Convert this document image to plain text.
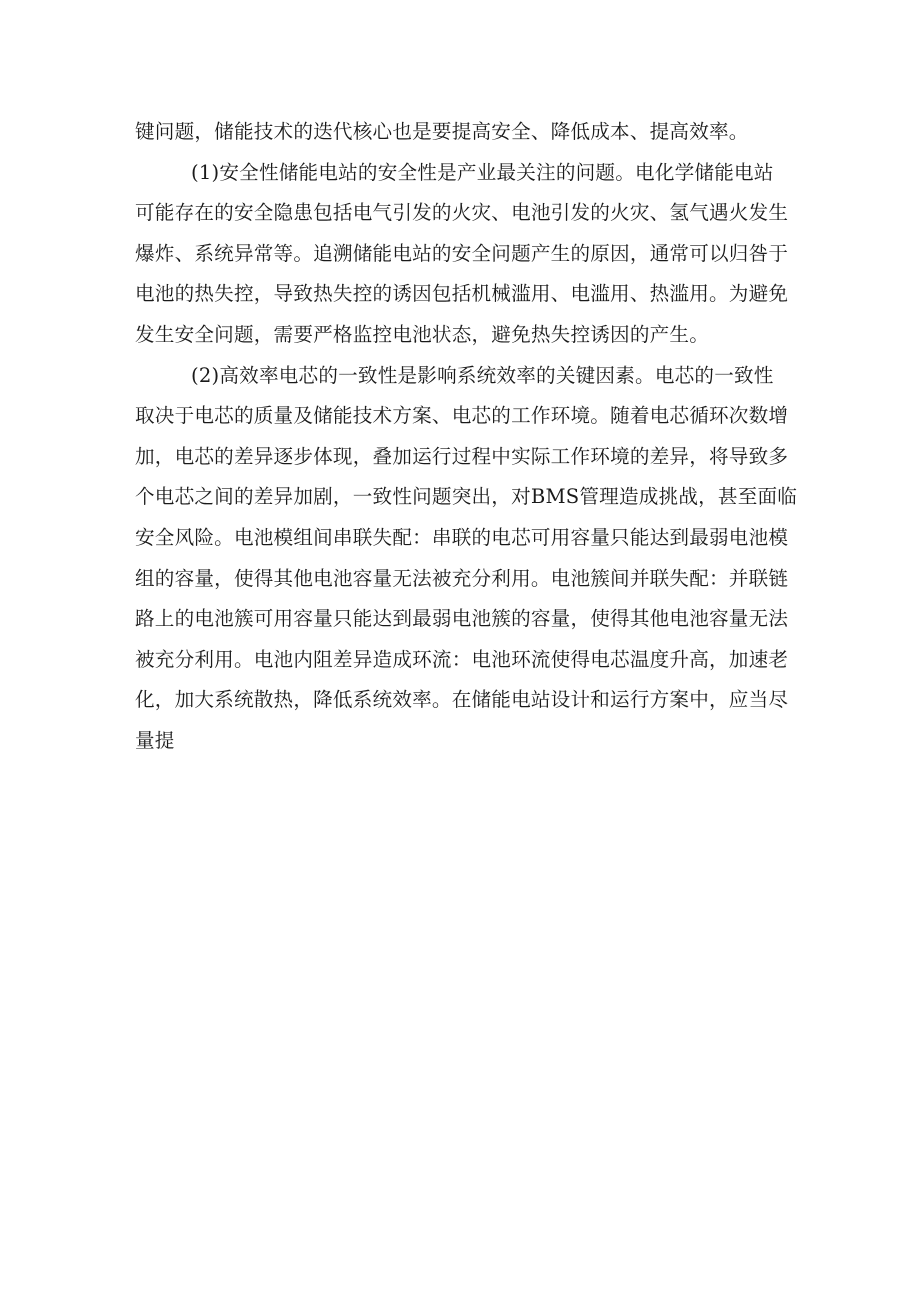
键问题，储能技术的迭代核心也是要提高安全、降低成本、提高效率。
(1)安全性储能电站的安全性是产业最关注的问题。电化学储能电站
可能存在的安全隐患包括电气引发的火灾、电池引发的火灾、氢气遇火发生
爆炸、系统异常等。追溯储能电站的安全问题产生的原因，通常可以归咎于
电池的热失控，导致热失控的诱因包括机械滥用、电滥用、热滥用。为避免
发生安全问题，需要严格监控电池状态，避免热失控诱因的产生。
(2)高效率电芯的一致性是影响系统效率的关键因素。电芯的一致性
取决于电芯的质量及储能技术方案、电芯的工作环境。随着电芯循环次数增
加，电芯的差异逐步体现，叠加运行过程中实际工作环境的差异，将导致多
个电芯之间的差异加剧，一致性问题突出，对BMS管理造成挑战，甚至面临
安全风险。电池模组间串联失配：串联的电芯可用容量只能达到最弱电池模
组的容量，使得其他电池容量无法被充分利用。电池簇间并联失配：并联链
路上的电池簇可用容量只能达到最弱电池簇的容量，使得其他电池容量无法
被充分利用。电池内阻差异造成环流：电池环流使得电芯温度升高，加速老
化，加大系统散热，降低系统效率。在储能电站设计和运行方案中，应当尽
量提
